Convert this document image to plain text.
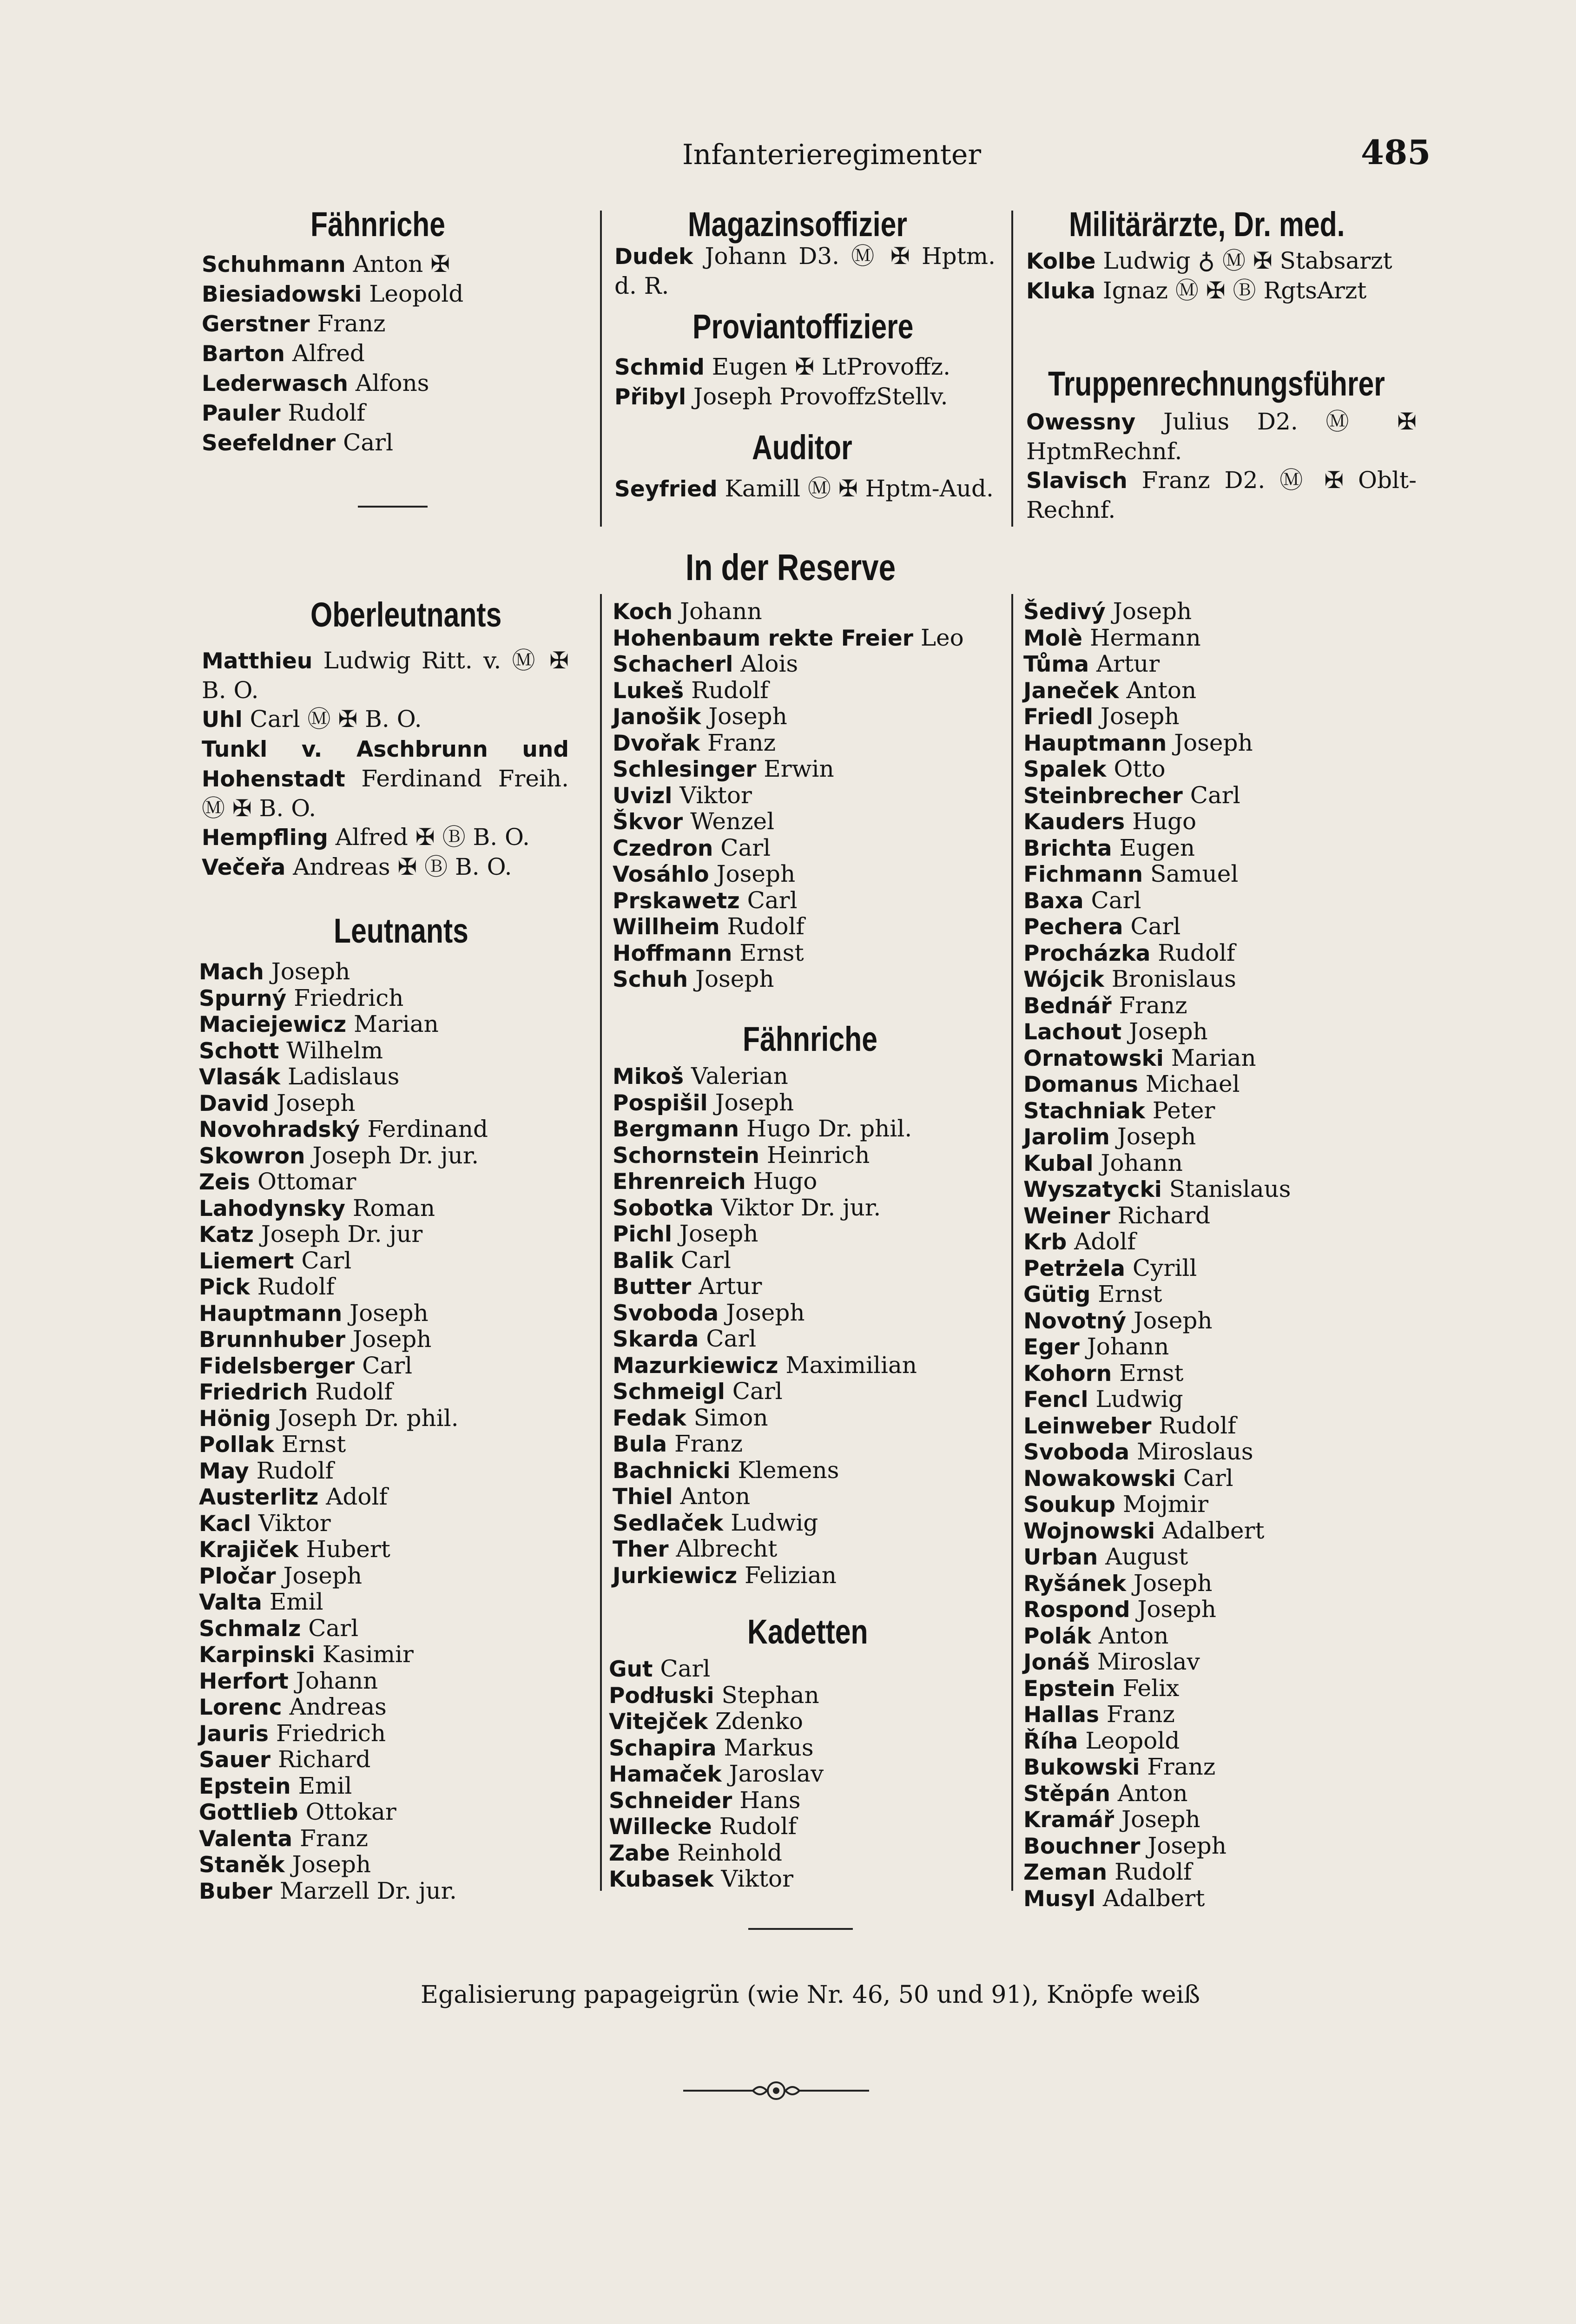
Infanterieregimenter	485
Fähnriche
Schuhmann Anton ✠
Biesiadowski Leopold
Gerstner Franz
Barton Alfred
Lederwasch Alfons
Pauler Rudolf
Seefeldner Carl
Oberleutnants
Matthieu Ludwig Ritt. v. Ⓜ ✠ B. O.
Uhl Carl Ⓜ ✠ B. O.
Tunkl v. Aschbrunn und Hohenstadt Ferdinand Freih. Ⓜ ✠ B. O.
Hempfling Alfred ✠ Ⓑ B. O.
Večeřa Andreas ✠ Ⓑ B. O.
Leutnants
Mach Joseph
Spurný Friedrich
Maciejewicz Marian
Schott Wilhelm
Vlasák Ladislaus
David Joseph
Novohradský Ferdinand
Skowron Joseph Dr. jur.
Zeis Ottomar
Lahodynsky Roman
Katz Joseph Dr. jur
Liemert Carl
Pick Rudolf
Hauptmann Joseph
Brunnhuber Joseph
Fidelsberger Carl
Friedrich Rudolf
Hönig Joseph Dr. phil.
Pollak Ernst
May Rudolf
Austerlitz Adolf
Kacl Viktor
Krajiček Hubert
Pločar Joseph
Valta Emil
Schmalz Carl
Karpinski Kasimir
Herfort Johann
Lorenc Andreas
Jauris Friedrich
Sauer Richard
Epstein Emil
Gottlieb Ottokar
Valenta Franz
Staněk Joseph
Buber Marzell Dr. jur.
Magazinsoffizier
Dudek Johann D3. Ⓜ ✠ Hptm. d. R.
Proviantoffiziere
Schmid Eugen ✠ LtProvoffz.
Přibyl Joseph ProvoffzStellv.
Auditor
Seyfried Kamill Ⓜ ✠ Hptm-Aud.
In der Reserve
Koch Johann
Hohenbaum rekte Freier Leo
Schacherl Alois
Lukeš Rudolf
Janošik Joseph
Dvořak Franz
Schlesinger Erwin
Uvizl Viktor
Škvor Wenzel
Czedron Carl
Vosáhlo Joseph
Prskawetz Carl
Willheim Rudolf
Hoffmann Ernst
Schuh Joseph
Fähnriche
Mikoš Valerian
Pospišil Joseph
Bergmann Hugo Dr. phil.
Schornstein Heinrich
Ehrenreich Hugo
Sobotka Viktor Dr. jur.
Pichl Joseph
Balik Carl
Butter Artur
Svoboda Joseph
Skarda Carl
Mazurkiewicz Maximilian
Schmeigl Carl
Fedak Simon
Bula Franz
Bachnicki Klemens
Thiel Anton
Sedlaček Ludwig
Ther Albrecht
Jurkiewicz Felizian
Kadetten
Gut Carl
Podłuski Stephan
Vitejček Zdenko
Schapira Markus
Hamaček Jaroslav
Schneider Hans
Willecke Rudolf
Zabe Reinhold
Kubasek Viktor
Militärärzte, Dr. med.
Kolbe Ludwig ♁ Ⓜ ✠ Stabsarzt
Kluka Ignaz Ⓜ ✠ Ⓑ RgtsArzt
Truppenrechnungsführer
Owessny Julius D2. Ⓜ ✠ HptmRechnf.
Slavisch Franz D2. Ⓜ ✠ Oblt-Rechnf.
Šedivý Joseph
Molè Hermann
Tůma Artur
Janeček Anton
Friedl Joseph
Hauptmann Joseph
Spalek Otto
Steinbrecher Carl
Kauders Hugo
Brichta Eugen
Fichmann Samuel
Baxa Carl
Pechera Carl
Procházka Rudolf
Wójcik Bronislaus
Bednář Franz
Lachout Joseph
Ornatowski Marian
Domanus Michael
Stachniak Peter
Jarolim Joseph
Kubal Johann
Wyszatycki Stanislaus
Weiner Richard
Krb Adolf
Petrżela Cyrill
Gütig Ernst
Novotný Joseph
Eger Johann
Kohorn Ernst
Fencl Ludwig
Leinweber Rudolf
Svoboda Miroslaus
Nowakowski Carl
Soukup Mojmir
Wojnowski Adalbert
Urban August
Ryšánek Joseph
Rospond Joseph
Polák Anton
Jonáš Miroslav
Epstein Felix
Hallas Franz
Říha Leopold
Bukowski Franz
Stěpán Anton
Kramář Joseph
Bouchner Joseph
Zeman Rudolf
Musyl Adalbert
Egalisierung papageigrün (wie Nr. 46, 50 und 91), Knöpfe weiß
